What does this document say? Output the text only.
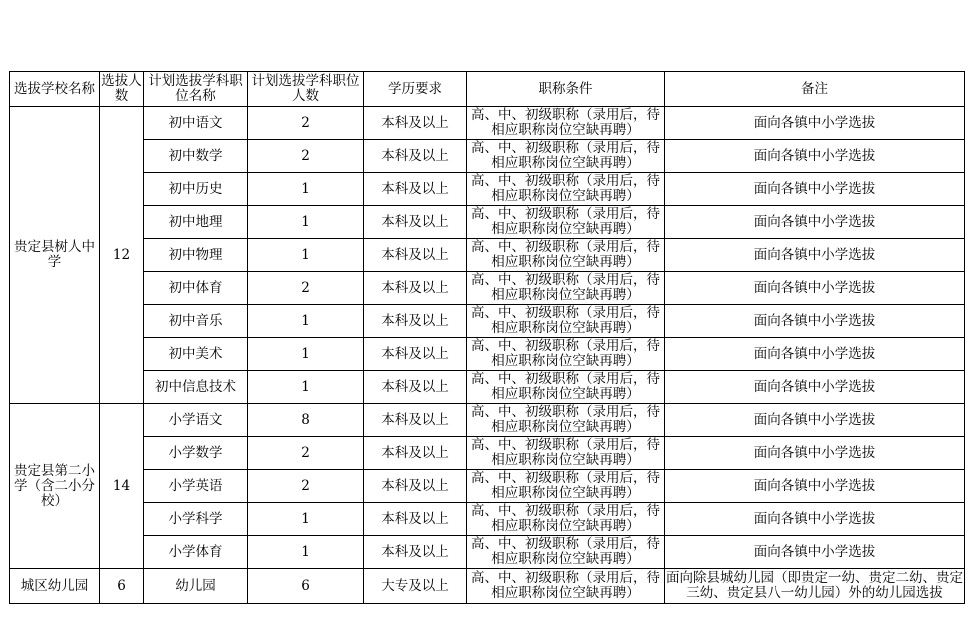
选拔学校名称	选拔人数	计划选拔学科职位名称	计划选拔学科职位人数	学历要求	职称条件	备注
贵定县树人中学	12	初中语文	2	本科及以上	高、中、初级职称（录用后，待相应职称岗位空缺再聘）	面向各镇中小学选拔
		初中数学	2	本科及以上	高、中、初级职称（录用后，待相应职称岗位空缺再聘）	面向各镇中小学选拔
		初中历史	1	本科及以上	高、中、初级职称（录用后，待相应职称岗位空缺再聘）	面向各镇中小学选拔
		初中地理	1	本科及以上	高、中、初级职称（录用后，待相应职称岗位空缺再聘）	面向各镇中小学选拔
		初中物理	1	本科及以上	高、中、初级职称（录用后，待相应职称岗位空缺再聘）	面向各镇中小学选拔
		初中体育	2	本科及以上	高、中、初级职称（录用后，待相应职称岗位空缺再聘）	面向各镇中小学选拔
		初中音乐	1	本科及以上	高、中、初级职称（录用后，待相应职称岗位空缺再聘）	面向各镇中小学选拔
		初中美术	1	本科及以上	高、中、初级职称（录用后，待相应职称岗位空缺再聘）	面向各镇中小学选拔
		初中信息技术	1	本科及以上	高、中、初级职称（录用后，待相应职称岗位空缺再聘）	面向各镇中小学选拔
贵定县第二小学（含二小分校）	14	小学语文	8	本科及以上	高、中、初级职称（录用后，待相应职称岗位空缺再聘）	面向各镇中小学选拔
		小学数学	2	本科及以上	高、中、初级职称（录用后，待相应职称岗位空缺再聘）	面向各镇中小学选拔
		小学英语	2	本科及以上	高、中、初级职称（录用后，待相应职称岗位空缺再聘）	面向各镇中小学选拔
		小学科学	1	本科及以上	高、中、初级职称（录用后，待相应职称岗位空缺再聘）	面向各镇中小学选拔
		小学体育	1	本科及以上	高、中、初级职称（录用后，待相应职称岗位空缺再聘）	面向各镇中小学选拔
城区幼儿园	6	幼儿园	6	大专及以上	高、中、初级职称（录用后，待相应职称岗位空缺再聘）	面向除县城幼儿园（即贵定一幼、贵定二幼、贵定三幼、贵定县八一幼儿园）外的幼儿园选拔
